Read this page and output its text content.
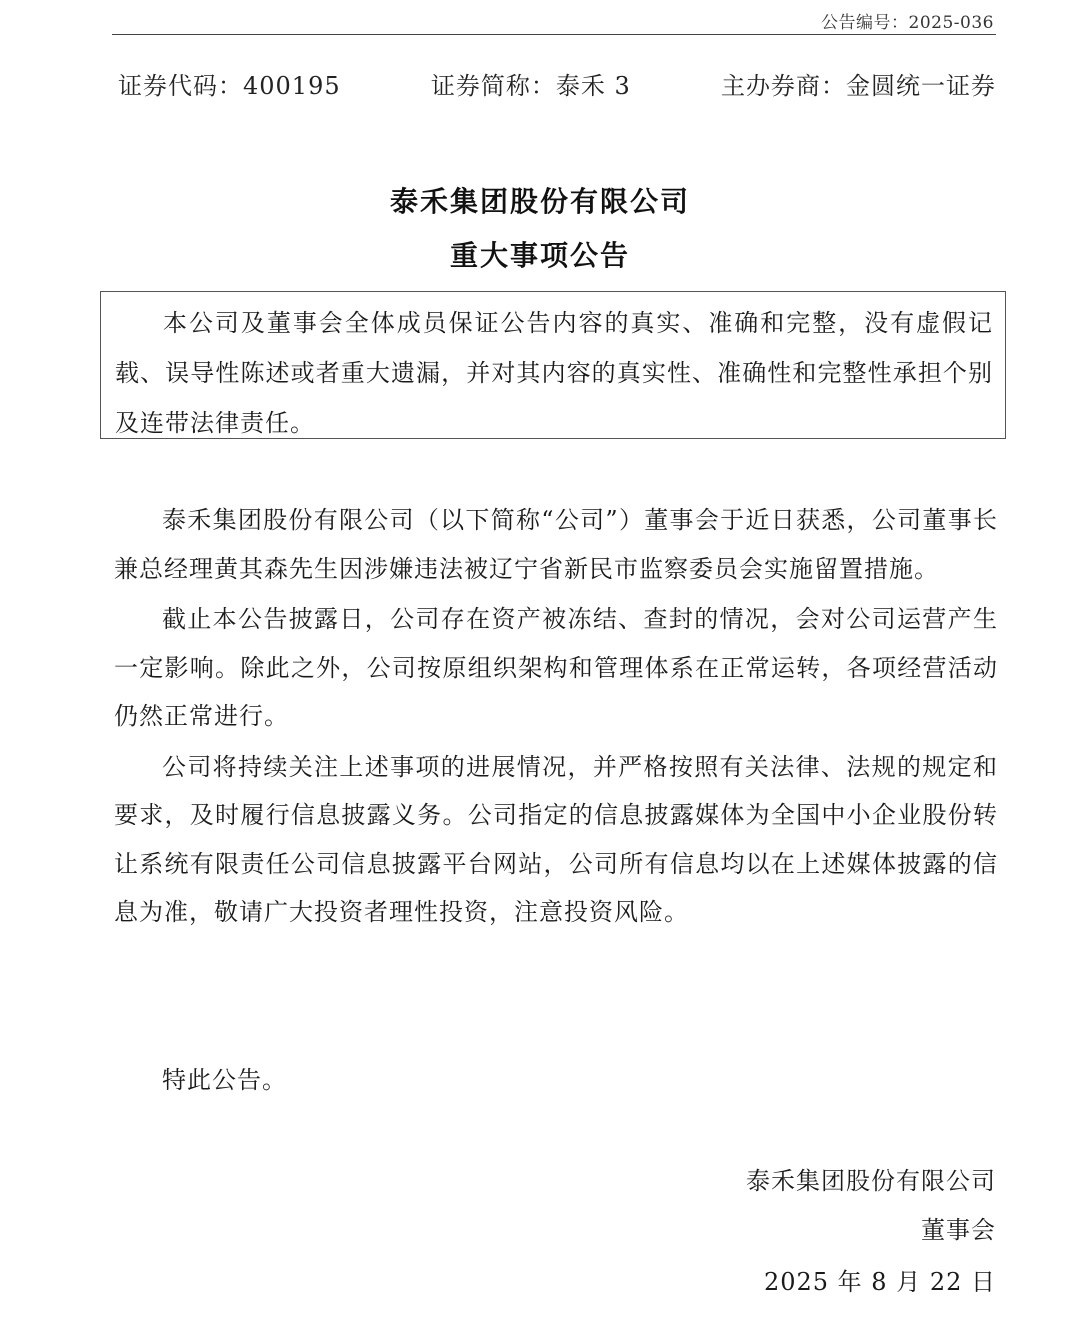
公告编号：2025-036
证券代码：400195	证券简称：泰禾 3	主办券商：金圆统一证券
泰禾集团股份有限公司
重大事项公告

本公司及董事会全体成员保证公告内容的真实、准确和完整，没有虚假记载、误导性陈述或者重大遗漏，并对其内容的真实性、准确性和完整性承担个别及连带法律责任。

泰禾集团股份有限公司（以下简称“公司”）董事会于近日获悉，公司董事长兼总经理黄其森先生因涉嫌违法被辽宁省新民市监察委员会实施留置措施。

截止本公告披露日，公司存在资产被冻结、查封的情况，会对公司运营产生一定影响。除此之外，公司按原组织架构和管理体系在正常运转，各项经营活动仍然正常进行。

公司将持续关注上述事项的进展情况，并严格按照有关法律、法规的规定和要求，及时履行信息披露义务。公司指定的信息披露媒体为全国中小企业股份转让系统有限责任公司信息披露平台网站，公司所有信息均以在上述媒体披露的信息为准，敬请广大投资者理性投资，注意投资风险。

特此公告。

泰禾集团股份有限公司

董事会

2025 年 8 月 22 日
